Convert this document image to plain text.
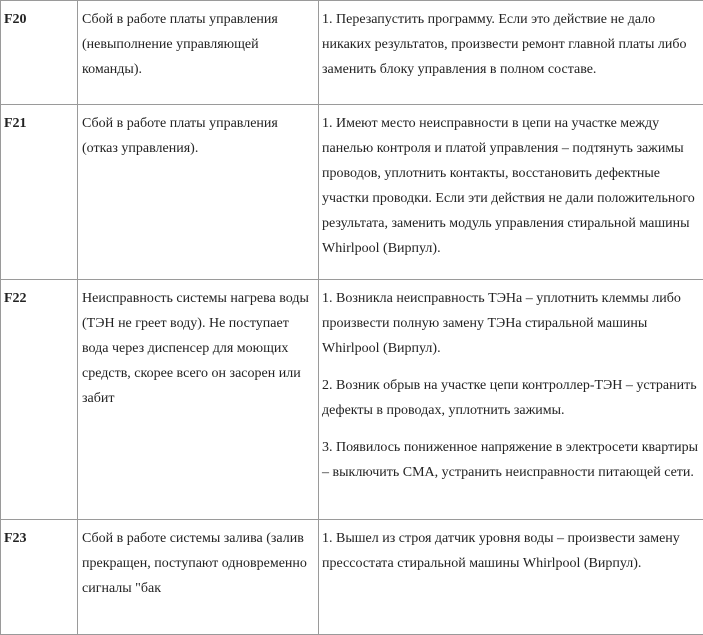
F20	Сбой в работе платы управления (невыполнение управляющей команды).	1. Перезапустить программу. Если это действие не дало никаких результатов, произвести ремонт главной платы либо заменить блоку управления в полном составе.

F21	Сбой в работе платы управления (отказ управления).	1. Имеют место неисправности в цепи на участке между панелью контроля и платой управления – подтянуть зажимы проводов, уплотнить контакты, восстановить дефектные участки проводки. Если эти действия не дали положительного результата, заменить модуль управления стиральной машины Whirlpool (Вирпул).

F22	Неисправность системы нагрева воды (ТЭН не греет воду). Не поступает вода через диспенсер для моющих средств, скорее всего он засорен или забит	1. Возникла неисправность ТЭНа – уплотнить клеммы либо произвести полную замену ТЭНа стиральной машины Whirlpool (Вирпул).

2. Возник обрыв на участке цепи контроллер-ТЭН – устранить дефекты в проводах, уплотнить зажимы.

3. Появилось пониженное напряжение в электросети квартиры – выключить СМА, устранить неисправности питающей сети.

F23	Сбой в работе системы залива (залив прекращен, поступают одновременно сигналы "бак	1. Вышел из строя датчик уровня воды – произвести замену прессостата стиральной машины Whirlpool (Вирпул).
